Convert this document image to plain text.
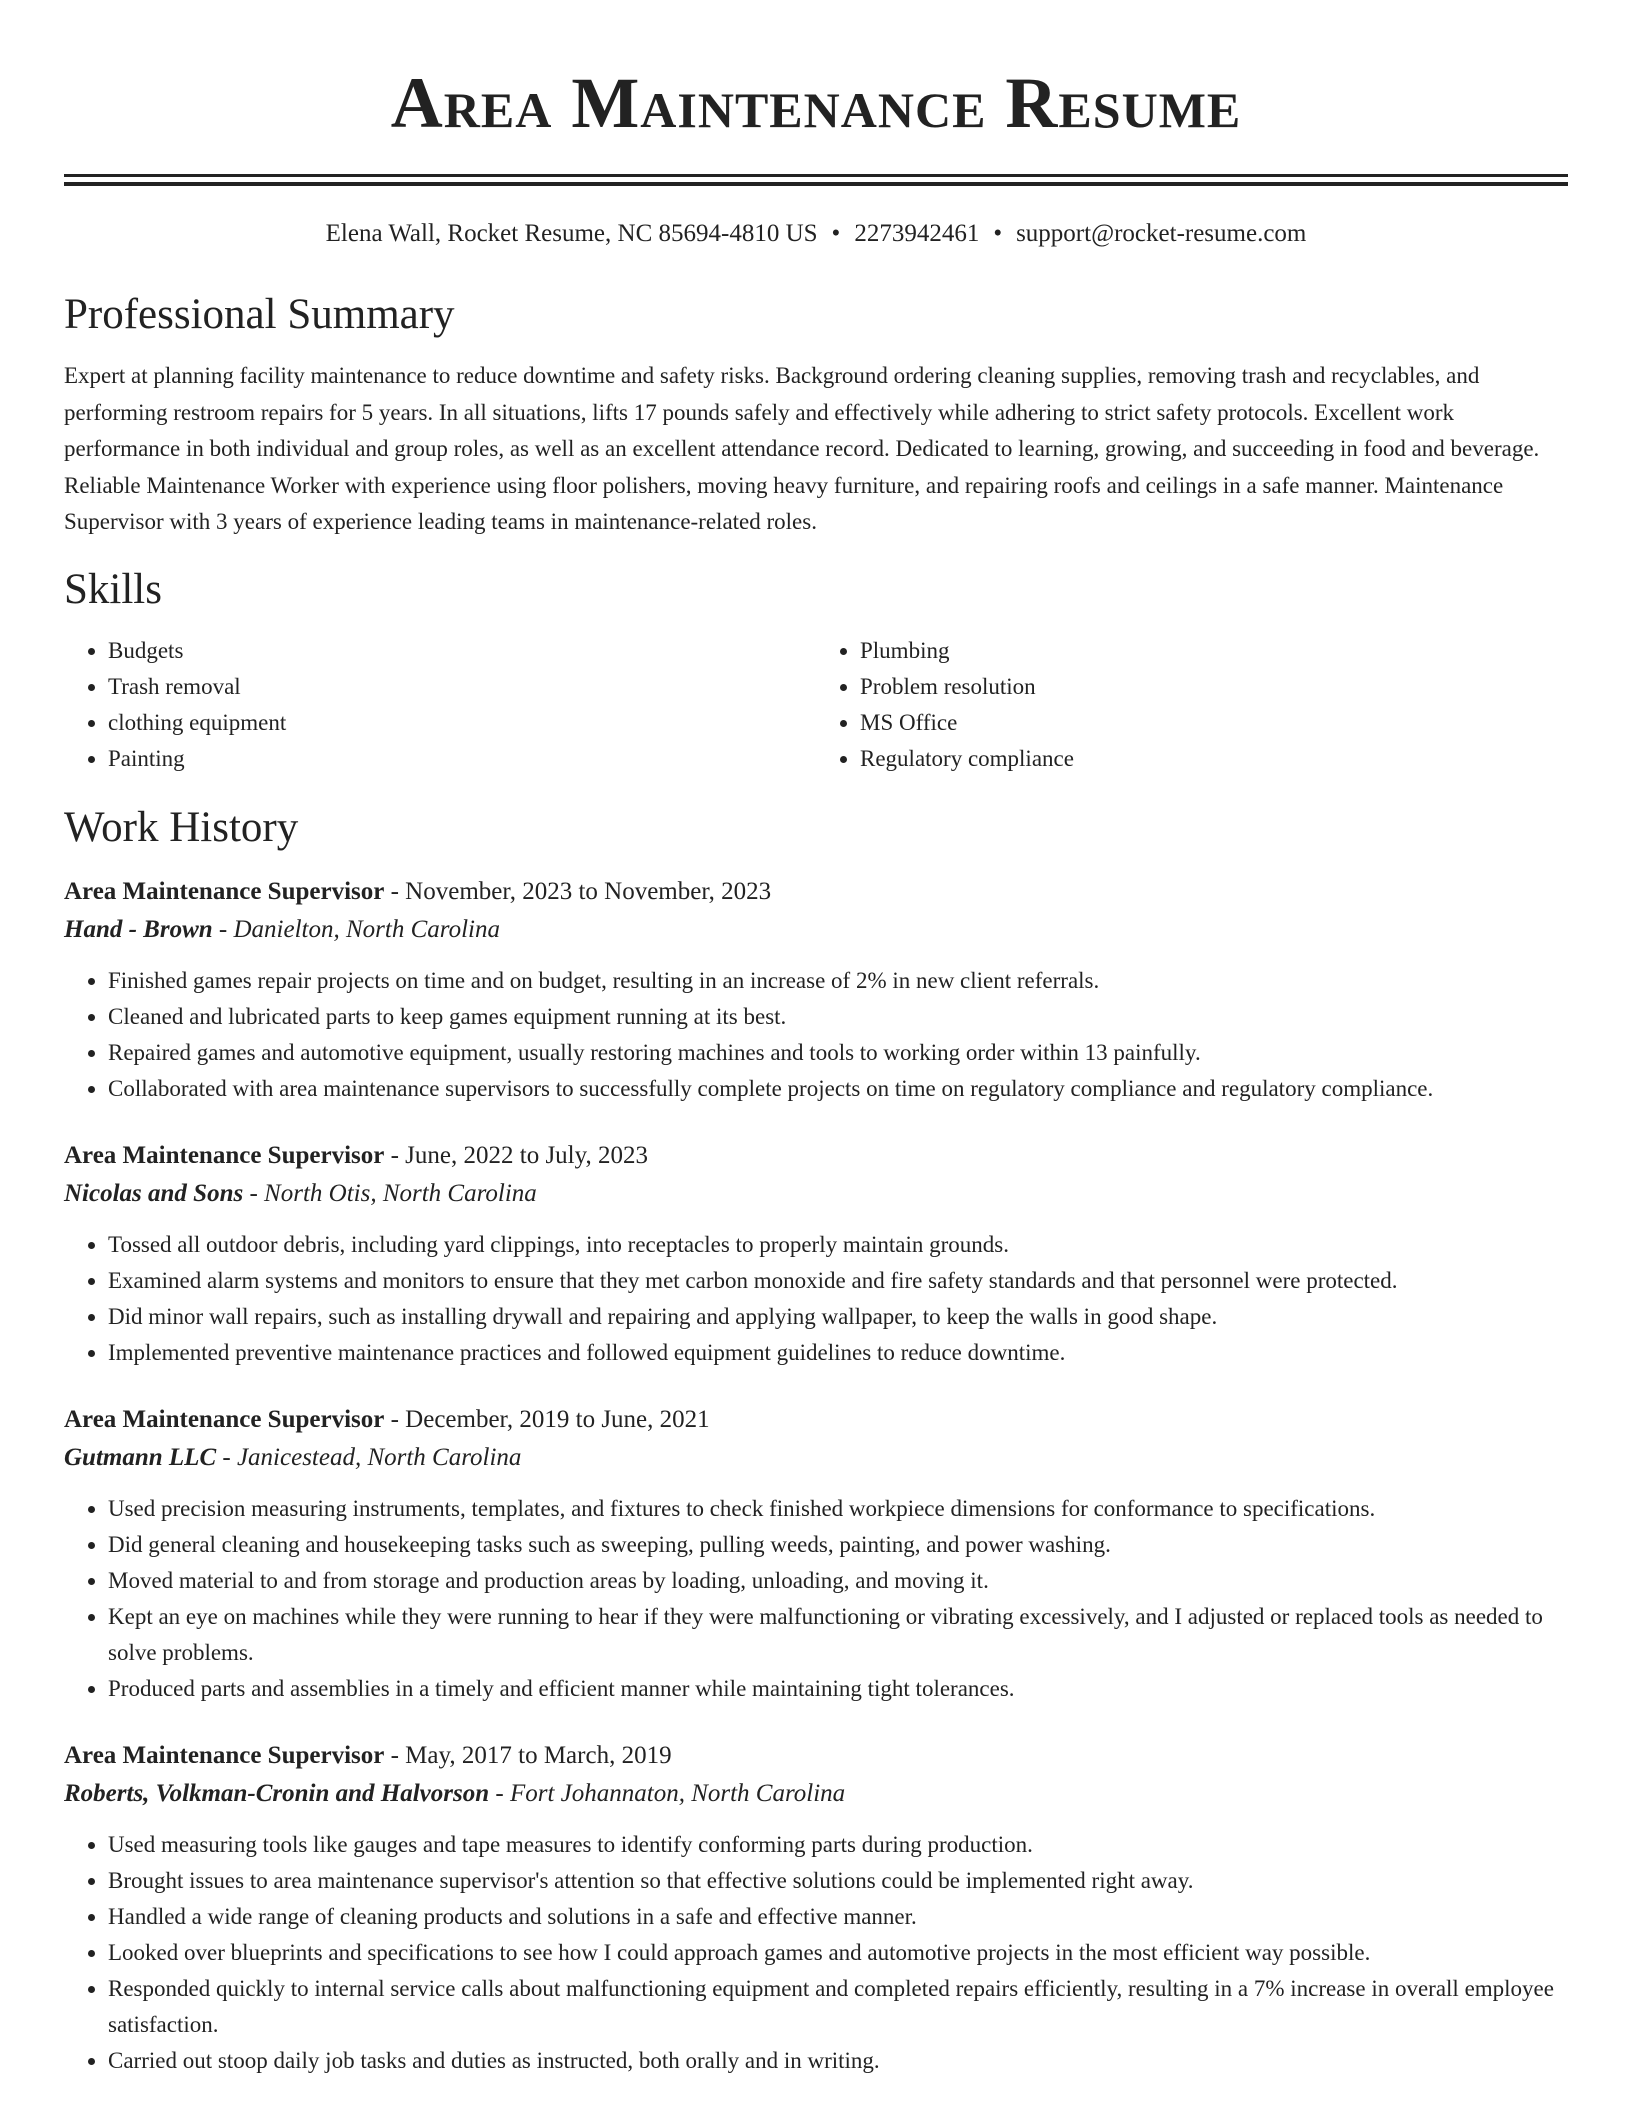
Area Maintenance Resume
Elena Wall, Rocket Resume, NC 85694-4810 US • 2273942461 • support@rocket-resume.com
Professional Summary

Expert at planning facility maintenance to reduce downtime and safety risks. Background ordering cleaning supplies, removing trash and recyclables, and performing restroom repairs for 5 years. In all situations, lifts 17 pounds safely and effectively while adhering to strict safety protocols. Excellent work performance in both individual and group roles, as well as an excellent attendance record. Dedicated to learning, growing, and succeeding in food and beverage. Reliable Maintenance Worker with experience using floor polishers, moving heavy furniture, and repairing roofs and ceilings in a safe manner. Maintenance Supervisor with 3 years of experience leading teams in maintenance-related roles.

Skills
• Budgets
• Trash removal
• clothing equipment
• Painting
• Plumbing
• Problem resolution
• MS Office
• Regulatory compliance
Work History
Area Maintenance Supervisor - November, 2023 to November, 2023
Hand - Brown - Danielton, North Carolina
• Finished games repair projects on time and on budget, resulting in an increase of 2% in new client referrals.
• Cleaned and lubricated parts to keep games equipment running at its best.
• Repaired games and automotive equipment, usually restoring machines and tools to working order within 13 painfully.
• Collaborated with area maintenance supervisors to successfully complete projects on time on regulatory compliance and regulatory compliance.
Area Maintenance Supervisor - June, 2022 to July, 2023
Nicolas and Sons - North Otis, North Carolina
• Tossed all outdoor debris, including yard clippings, into receptacles to properly maintain grounds.
• Examined alarm systems and monitors to ensure that they met carbon monoxide and fire safety standards and that personnel were protected.
• Did minor wall repairs, such as installing drywall and repairing and applying wallpaper, to keep the walls in good shape.
• Implemented preventive maintenance practices and followed equipment guidelines to reduce downtime.
Area Maintenance Supervisor - December, 2019 to June, 2021
Gutmann LLC - Janicestead, North Carolina
• Used precision measuring instruments, templates, and fixtures to check finished workpiece dimensions for conformance to specifications.
• Did general cleaning and housekeeping tasks such as sweeping, pulling weeds, painting, and power washing.
• Moved material to and from storage and production areas by loading, unloading, and moving it.
• Kept an eye on machines while they were running to hear if they were malfunctioning or vibrating excessively, and I adjusted or replaced tools as needed to solve problems.
• Produced parts and assemblies in a timely and efficient manner while maintaining tight tolerances.
Area Maintenance Supervisor - May, 2017 to March, 2019
Roberts, Volkman-Cronin and Halvorson - Fort Johannaton, North Carolina
• Used measuring tools like gauges and tape measures to identify conforming parts during production.
• Brought issues to area maintenance supervisor's attention so that effective solutions could be implemented right away.
• Handled a wide range of cleaning products and solutions in a safe and effective manner.
• Looked over blueprints and specifications to see how I could approach games and automotive projects in the most efficient way possible.
• Responded quickly to internal service calls about malfunctioning equipment and completed repairs efficiently, resulting in a 7% increase in overall employee satisfaction.
• Carried out stoop daily job tasks and duties as instructed, both orally and in writing.
